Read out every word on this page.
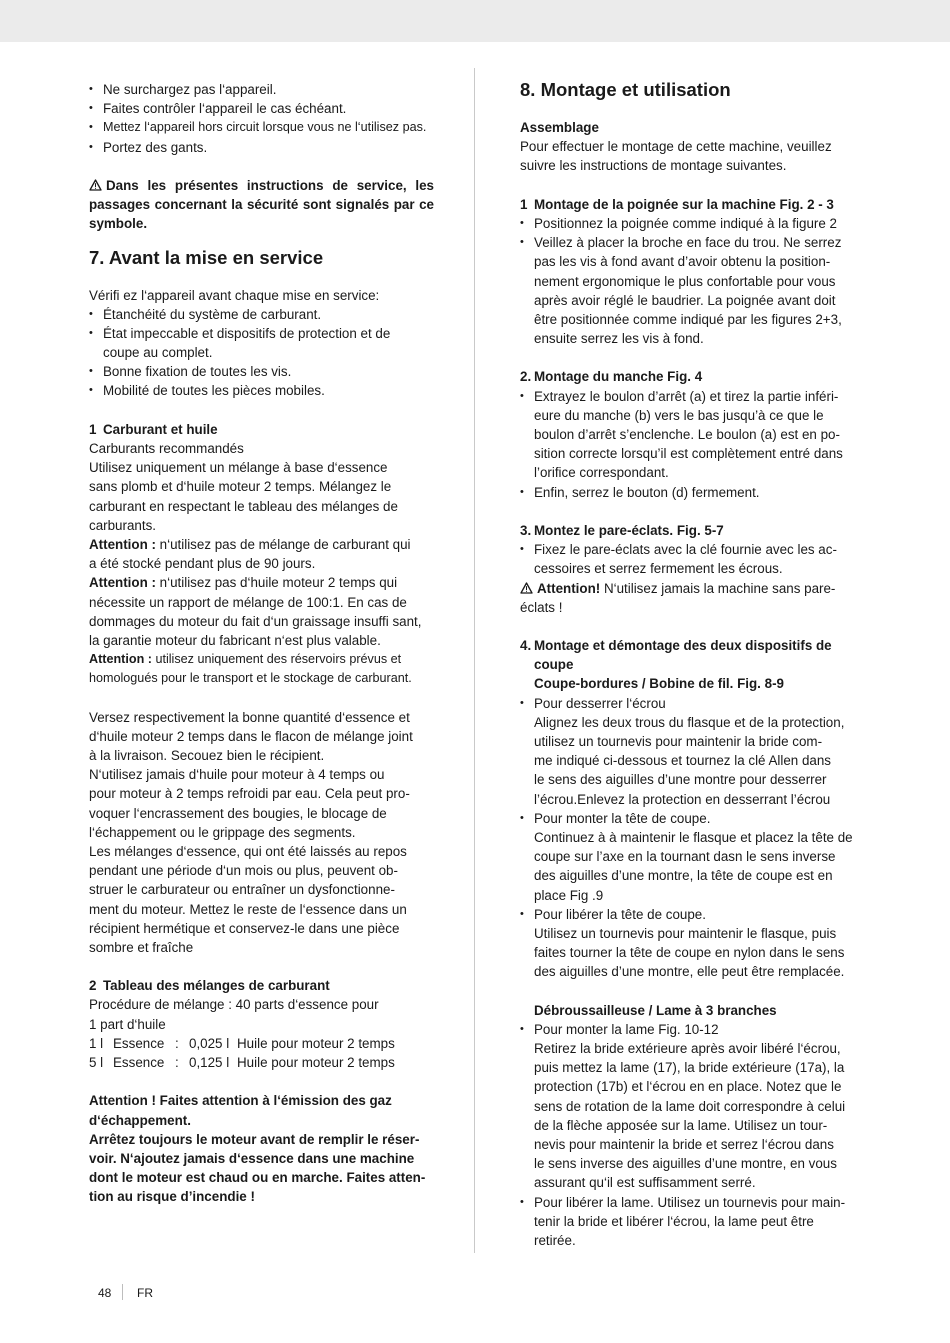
• Ne surchargez pas l‘appareil.
• Faites contrôler l‘appareil le cas échéant.
• Mettez l‘appareil hors circuit lorsque vous ne l‘utilisez pas.
• Portez des gants.
Dans les présentes instructions de service, les
passages concernant la sécurité sont signalés par ce
symbole.
7. Avant la mise en service
Vérifi ez l‘appareil avant chaque mise en service:
• Étanchéité du système de carburant.
• État impeccable et dispositifs de protection et de
coupe au complet.
• Bonne fixation de toutes les vis.
• Mobilité de toutes les pièces mobiles.
1 Carburant et huile
Carburants recommandés
Utilisez uniquement un mélange à base d‘essence
sans plomb et d‘huile moteur 2 temps. Mélangez le
carburant en respectant le tableau des mélanges de
carburants.
Attention : n‘utilisez pas de mélange de carburant qui
a été stocké pendant plus de 90 jours.
Attention : n‘utilisez pas d‘huile moteur 2 temps qui
nécessite un rapport de mélange de 100:1. En cas de
dommages du moteur du fait d‘un graissage insuffi sant,
la garantie moteur du fabricant n‘est plus valable.
Attention : utilisez uniquement des réservoirs prévus et
homologués pour le transport et le stockage de carburant.
Versez respectivement la bonne quantité d‘essence et
d‘huile moteur 2 temps dans le flacon de mélange joint
à la livraison. Secouez bien le récipient.
N‘utilisez jamais d‘huile pour moteur à 4 temps ou
pour moteur à 2 temps refroidi par eau. Cela peut pro-
voquer l‘encrassement des bougies, le blocage de
l‘échappement ou le grippage des segments.
Les mélanges d‘essence, qui ont été laissés au repos
pendant une période d‘un mois ou plus, peuvent ob-
struer le carburateur ou entraîner un dysfonctionne-
ment du moteur. Mettez le reste de l‘essence dans un
récipient hermétique et conservez-le dans une pièce
sombre et fraîche
2 Tableau des mélanges de carburant
Procédure de mélange : 40 parts d‘essence pour
1 part d‘huile
1 l	Essence	:	0,025 l	Huile pour moteur 2 temps
5 l	Essence	:	0,125 l	Huile pour moteur 2 temps
Attention ! Faites attention à l‘émission des gaz
d‘échappement.
Arrêtez toujours le moteur avant de remplir le réser-
voir. N‘ajoutez jamais d‘essence dans une machine
dont le moteur est chaud ou en marche. Faites atten-
tion au risque d’incendie !
8. Montage et utilisation
Assemblage
Pour effectuer le montage de cette machine, veuillez
suivre les instructions de montage suivantes.
1 Montage de la poignée sur la machine Fig. 2 - 3
• Positionnez la poignée comme indiqué à la figure 2
• Veillez à placer la broche en face du trou. Ne serrez
pas les vis à fond avant d’avoir obtenu la position-
nement ergonomique le plus confortable pour vous
après avoir réglé le baudrier. La poignée avant doit
être positionnée comme indiqué par les figures 2+3,
ensuite serrez les vis à fond.
2. Montage du manche Fig. 4
• Extrayez le boulon d’arrêt (a) et tirez la partie inféri-
eure du manche (b) vers le bas jusqu’à ce que le
boulon d’arrêt s’enclenche. Le boulon (a) est en po-
sition correcte lorsqu’il est complètement entré dans
l’orifice correspondant.
• Enfin, serrez le bouton (d) fermement.
3. Montez le pare-éclats. Fig. 5-7
• Fixez le pare-éclats avec la clé fournie avec les ac-
cessoires et serrez fermement les écrous.
Attention! N‘utilisez jamais la machine sans pare-
éclats !
4. Montage et démontage des deux dispositifs de
coupe
Coupe-bordures / Bobine de fil. Fig. 8-9
• Pour desserrer l‘écrou
Alignez les deux trous du flasque et de la protection,
utilisez un tournevis pour maintenir la bride com-
me indiqué ci-dessous et tournez la clé Allen dans
le sens des aiguilles d’une montre pour desserrer
l’écrou.Enlevez la protection en desserrant l’écrou
• Pour monter la tête de coupe.
Continuez à à maintenir le flasque et placez la tête de
coupe sur l’axe en la tournant dasn le sens inverse
des aiguilles d’une montre, la tête de coupe est en
place Fig .9
• Pour libérer la tête de coupe.
Utilisez un tournevis pour maintenir le flasque, puis
faites tourner la tête de coupe en nylon dans le sens
des aiguilles d’une montre, elle peut être remplacée.
Débroussailleuse / Lame à 3 branches
• Pour monter la lame Fig. 10-12
Retirez la bride extérieure après avoir libéré l‘écrou,
puis mettez la lame (17), la bride extérieure (17a), la
protection (17b) et l‘écrou en en place. Notez que le
sens de rotation de la lame doit correspondre à celui
de la flèche apposée sur la lame. Utilisez un tour-
nevis pour maintenir la bride et serrez l‘écrou dans
le sens inverse des aiguilles d’une montre, en vous
assurant qu‘il est suffisamment serré.
• Pour libérer la lame. Utilisez un tournevis pour main-
tenir la bride et libérer l‘écrou, la lame peut être
retirée.
48 FR
